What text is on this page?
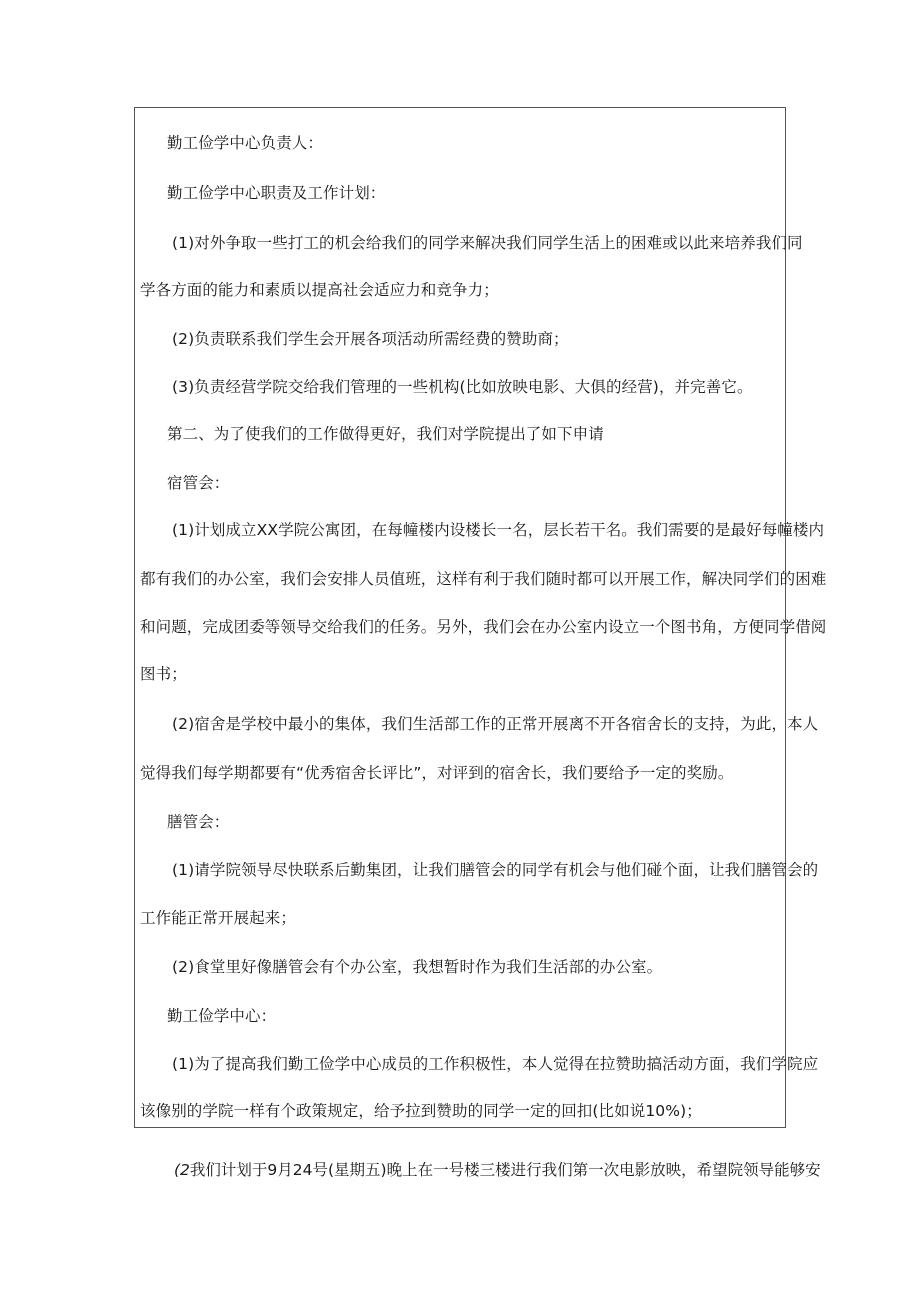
勤工俭学中心负责人：
勤工俭学中心职责及工作计划：
(1)对外争取一些打工的机会给我们的同学来解决我们同学生活上的困难或以此来培养我们同
学各方面的能力和素质以提高社会适应力和竞争力；
(2)负责联系我们学生会开展各项活动所需经费的赞助商；
(3)负责经营学院交给我们管理的一些机构(比如放映电影、大俱的经营)，并完善它。
第二、为了使我们的工作做得更好，我们对学院提出了如下申请
宿管会：
(1)计划成立XX学院公寓团，在每幢楼内设楼长一名，层长若干名。我们需要的是最好每幢楼内
都有我们的办公室，我们会安排人员值班，这样有利于我们随时都可以开展工作，解决同学们的困难
和问题，完成团委等领导交给我们的任务。另外，我们会在办公室内设立一个图书角，方便同学借阅
图书；
(2)宿舍是学校中最小的集体，我们生活部工作的正常开展离不开各宿舍长的支持，为此，本人
觉得我们每学期都要有“优秀宿舍长评比”，对评到的宿舍长，我们要给予一定的奖励。
膳管会：
(1)请学院领导尽快联系后勤集团，让我们膳管会的同学有机会与他们碰个面，让我们膳管会的
工作能正常开展起来；
(2)食堂里好像膳管会有个办公室，我想暂时作为我们生活部的办公室。
勤工俭学中心：
(1)为了提高我们勤工俭学中心成员的工作积极性，本人觉得在拉赞助搞活动方面，我们学院应
该像别的学院一样有个政策规定，给予拉到赞助的同学一定的回扣(比如说10%)；
(2我们计划于9月24号(星期五)晚上在一号楼三楼进行我们第一次电影放映，希望院领导能够安
